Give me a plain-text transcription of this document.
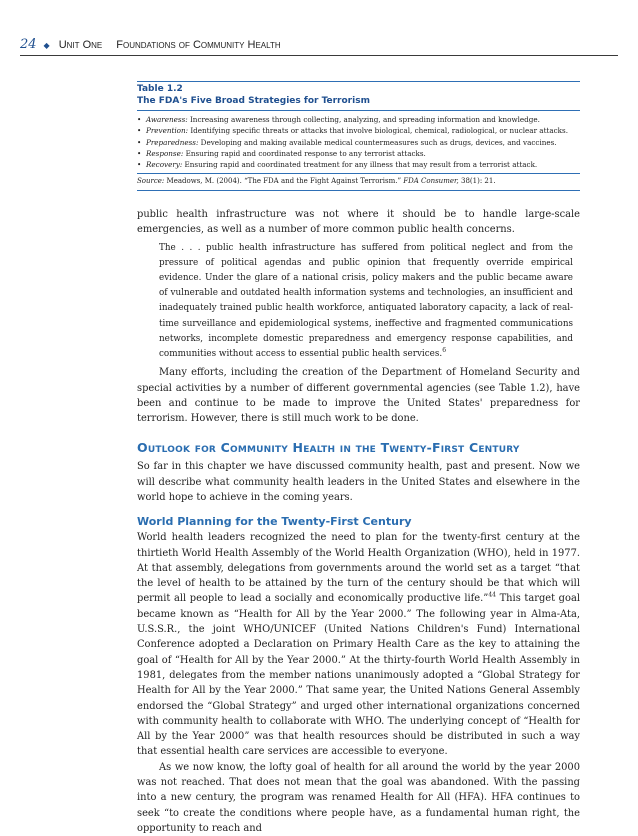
24 ◆ Unit One Foundations of Community Health
Table 1.2
The FDA's Five Broad Strategies for Terrorism
• Awareness: Increasing awareness through collecting, analyzing, and spreading information and knowledge.
• Prevention: Identifying specific threats or attacks that involve biological, chemical, radiological, or nuclear attacks.
• Preparedness: Developing and making available medical countermeasures such as drugs, devices, and vaccines.
• Response: Ensuring rapid and coordinated response to any terrorist attacks.
• Recovery: Ensuring rapid and coordinated treatment for any illness that may result from a terrorist attack.
Source: Meadows, M. (2004). “The FDA and the Fight Against Terrorism.” FDA Consumer, 38(1): 21.

public health infrastructure was not where it should be to handle large-scale emergencies, as well as a number of more common public health concerns.

The . . . public health infrastructure has suffered from political neglect and from the pressure of political agendas and public opinion that frequently override empirical evidence. Under the glare of a national crisis, policy makers and the public became aware of vulnerable and outdated health information systems and technologies, an insufficient and inadequately trained public health workforce, antiquated laboratory capacity, a lack of real-time surveillance and epidemiological systems, ineffective and fragmented communications networks, incomplete domestic preparedness and emergency response capabilities, and communities without access to essential public health services.$^6$

Many efforts, including the creation of the Department of Homeland Security and special activities by a number of different governmental agencies (see Table 1.2), have been and continue to be made to improve the United States' preparedness for terrorism. However, there is still much work to be done.

Outlook for Community Health in the Twenty-First Century

So far in this chapter we have discussed community health, past and present. Now we will describe what community health leaders in the United States and elsewhere in the world hope to achieve in the coming years.

World Planning for the Twenty-First Century

World health leaders recognized the need to plan for the twenty-first century at the thirtieth World Health Assembly of the World Health Organization (WHO), held in 1977. At that assembly, delegations from governments around the world set as a target “that the level of health to be attained by the turn of the century should be that which will permit all people to lead a socially and economically productive life.”$^{44}$ This target goal became known as “Health for All by the Year 2000.” The following year in Alma-Ata, U.S.S.R., the joint WHO/UNICEF (United Nations Children's Fund) International Conference adopted a Declaration on Primary Health Care as the key to attaining the goal of “Health for All by the Year 2000.” At the thirty-fourth World Health Assembly in 1981, delegates from the member nations unanimously adopted a “Global Strategy for Health for All by the Year 2000.” That same year, the United Nations General Assembly endorsed the “Global Strategy” and urged other international organizations concerned with community health to collaborate with WHO. The underlying concept of “Health for All by the Year 2000” was that health resources should be distributed in such a way that essential health care services are accessible to everyone.

As we now know, the lofty goal of health for all around the world by the year 2000 was not reached. That does not mean that the goal was abandoned. With the passing into a new century, the program was renamed Health for All (HFA). HFA continues to seek “to create the conditions where people have, as a fundamental human right, the opportunity to reach and
